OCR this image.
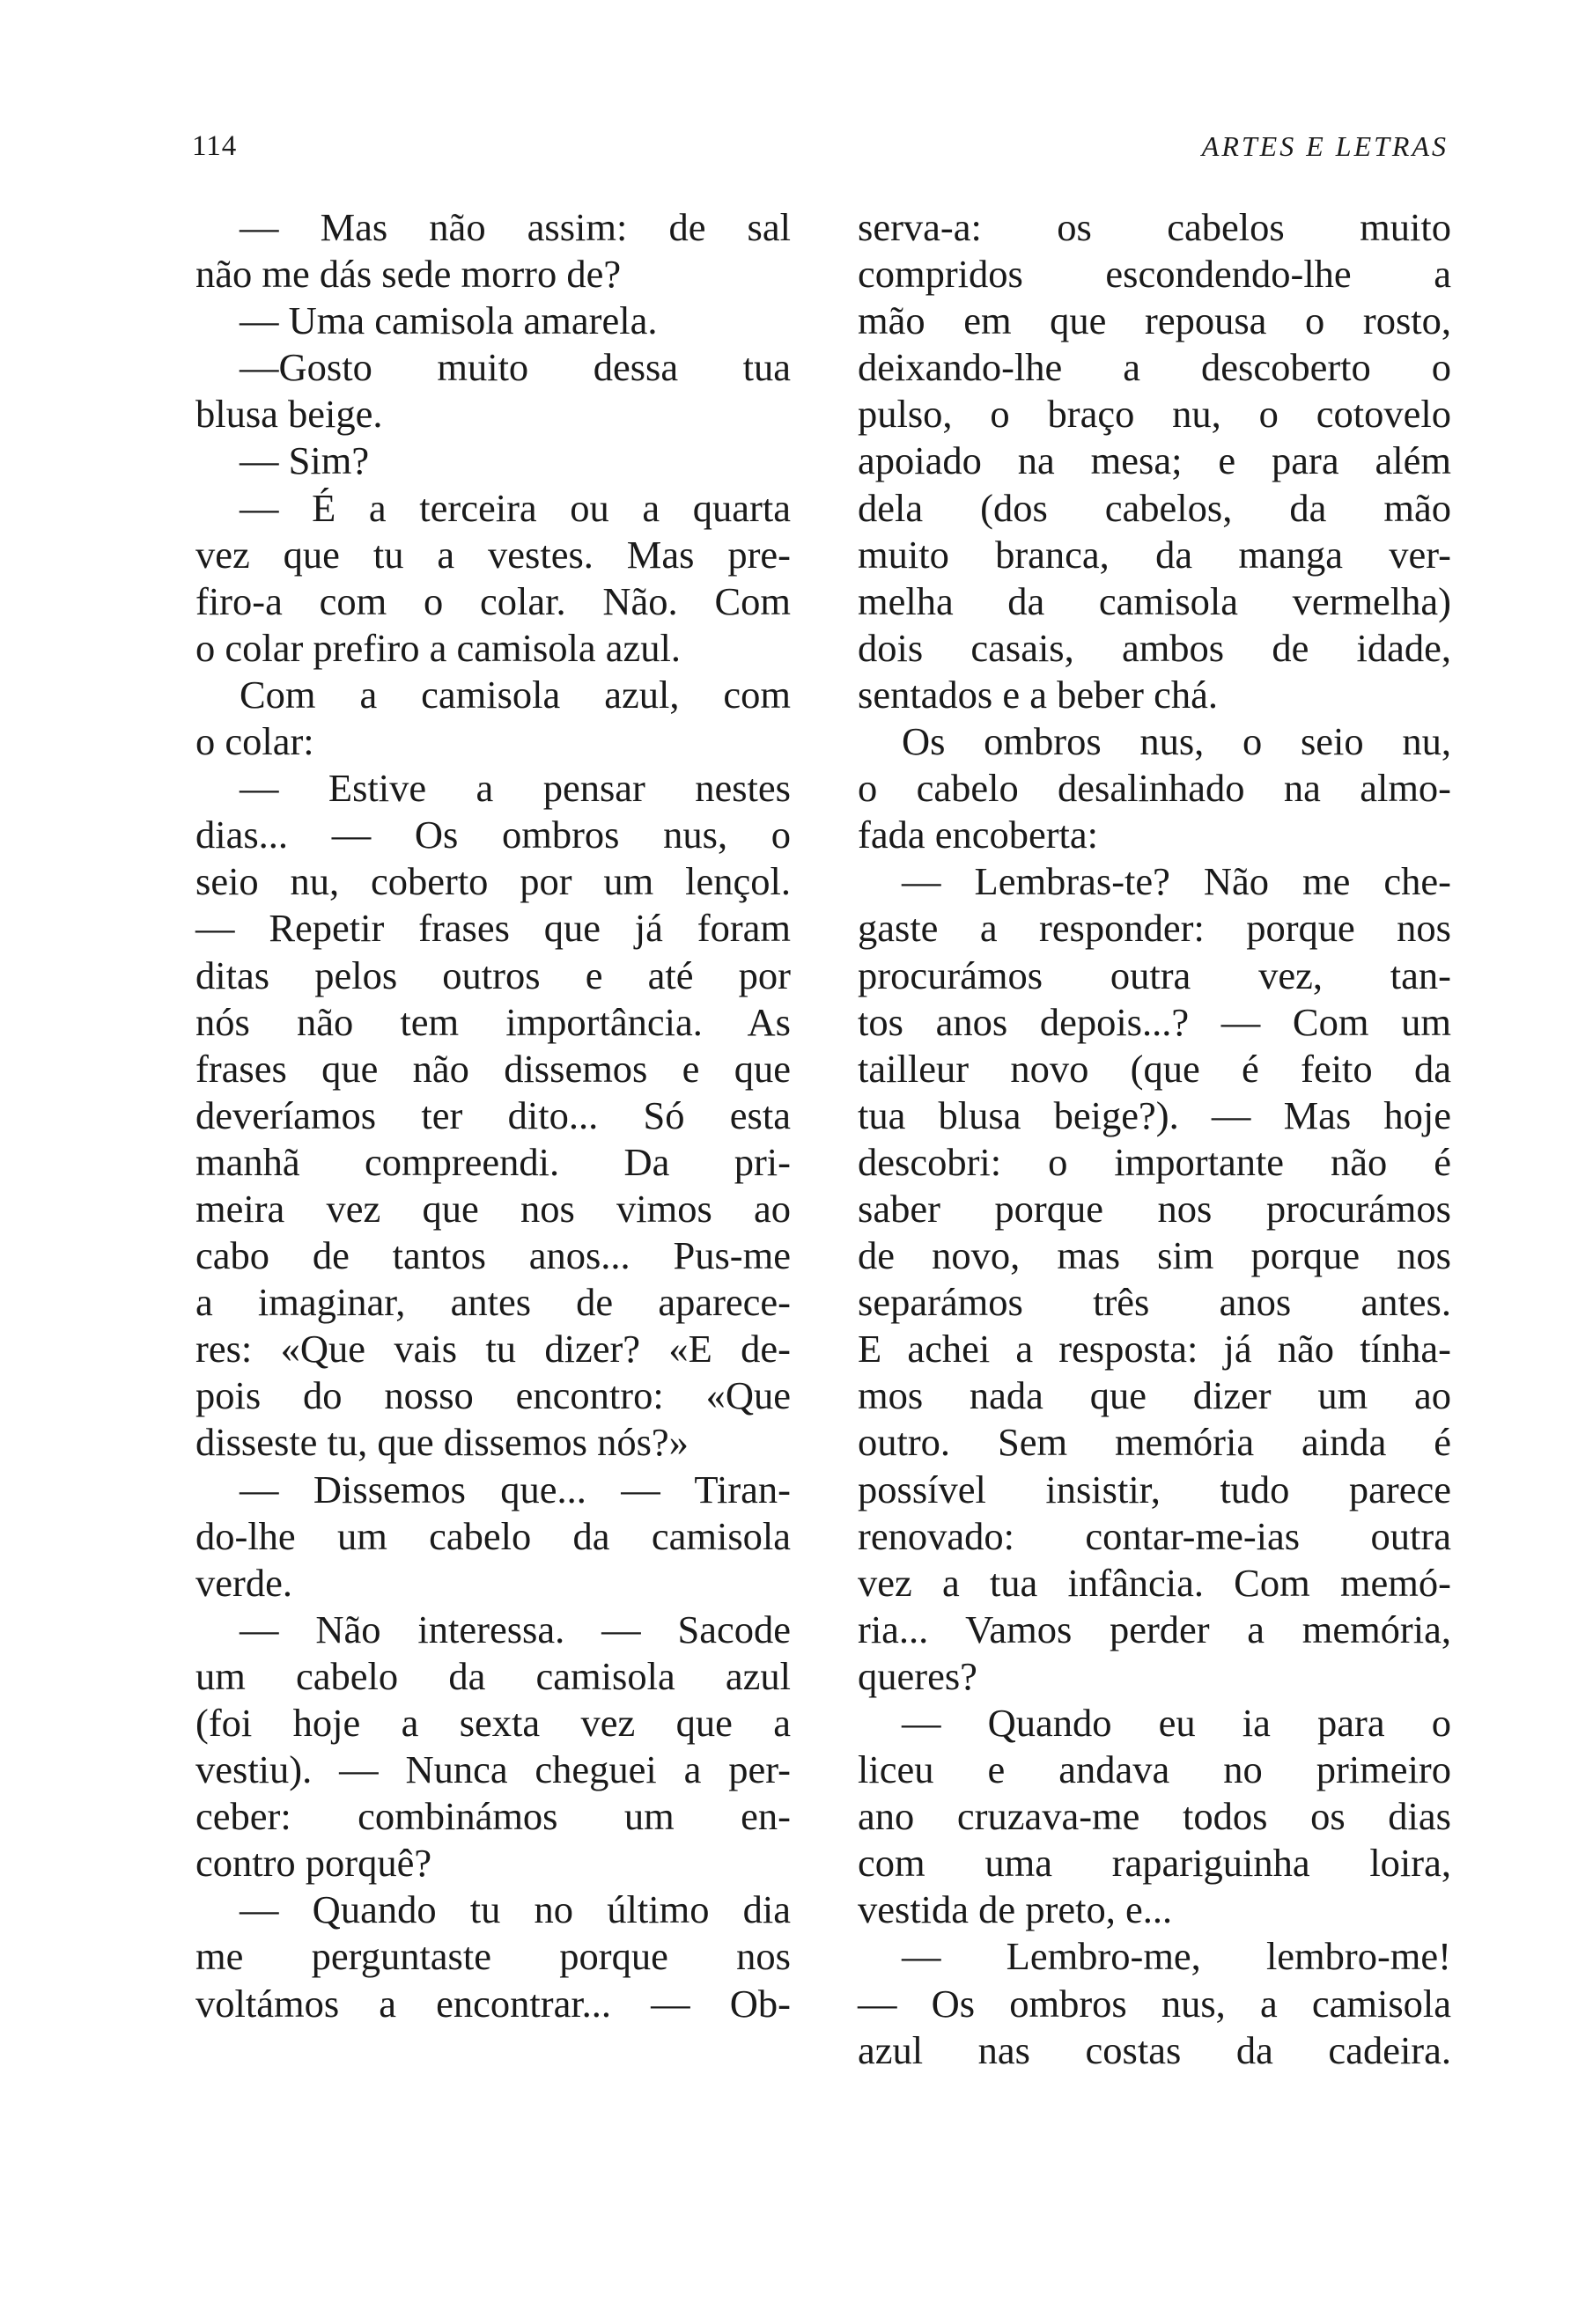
114	ARTES E LETRAS
— Mas não assim: de sal
não me dás sede morro de?
— Uma camisola amarela.
—Gosto muito dessa tua
blusa beige.
— Sim?
— É a terceira ou a quarta
vez que tu a vestes. Mas pre-
firo-a com o colar. Não. Com
o colar prefiro a camisola azul.
Com a camisola azul, com
o colar:
— Estive a pensar nestes
dias... — Os ombros nus, o
seio nu, coberto por um lençol.
— Repetir frases que já foram
ditas pelos outros e até por
nós não tem importância. As
frases que não dissemos e que
deveríamos ter dito... Só esta
manhã compreendi. Da pri-
meira vez que nos vimos ao
cabo de tantos anos... Pus-me
a imaginar, antes de aparece-
res: «Que vais tu dizer? «E de-
pois do nosso encontro: «Que
disseste tu, que dissemos nós?»
— Dissemos que... — Tiran-
do-lhe um cabelo da camisola
verde.
— Não interessa. — Sacode
um cabelo da camisola azul
(foi hoje a sexta vez que a
vestiu). — Nunca cheguei a per-
ceber: combinámos um en-
contro porquê?
— Quando tu no último dia
me perguntaste porque nos
voltámos a encontrar... — Ob-
serva-a: os cabelos muito
compridos escondendo-lhe a
mão em que repousa o rosto,
deixando-lhe a descoberto o
pulso, o braço nu, o cotovelo
apoiado na mesa; e para além
dela (dos cabelos, da mão
muito branca, da manga ver-
melha da camisola vermelha)
dois casais, ambos de idade,
sentados e a beber chá.
Os ombros nus, o seio nu,
o cabelo desalinhado na almo-
fada encoberta:
— Lembras-te? Não me che-
gaste a responder: porque nos
procurámos outra vez, tan-
tos anos depois...? — Com um
tailleur novo (que é feito da
tua blusa beige?). — Mas hoje
descobri: o importante não é
saber porque nos procurámos
de novo, mas sim porque nos
separámos três anos antes.
E achei a resposta: já não tínha-
mos nada que dizer um ao
outro. Sem memória ainda é
possível insistir, tudo parece
renovado: contar-me-ias outra
vez a tua infância. Com memó-
ria... Vamos perder a memória,
queres?
— Quando eu ia para o
liceu e andava no primeiro
ano cruzava-me todos os dias
com uma rapariguinha loira,
vestida de preto, e...
— Lembro-me, lembro-me!
— Os ombros nus, a camisola
azul nas costas da cadeira.
